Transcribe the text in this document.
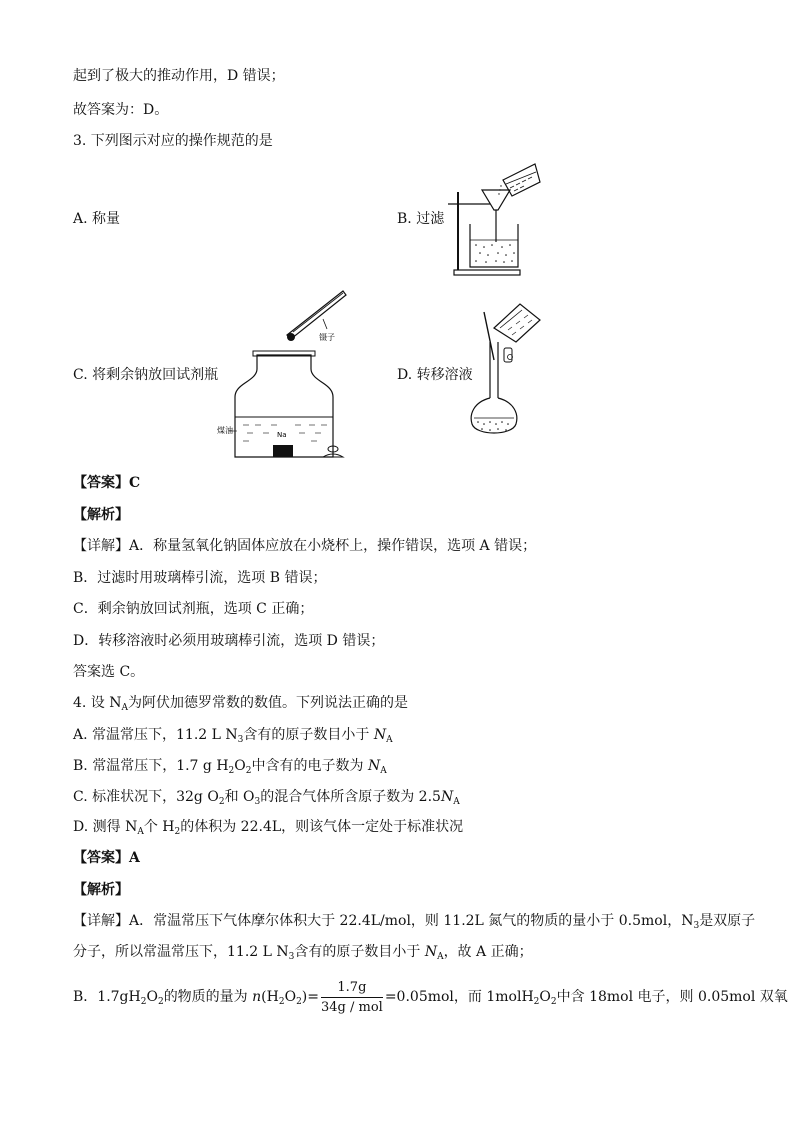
起到了极大的推动作用，D 错误；
故答案为：D。
3. 下列图示对应的操作规范的是
A. 称量	B. 过滤
C. 将剩余钠放回试剂瓶	D. 转移溶液
镊子
煤油	Na
【答案】C
【解析】
【详解】A．称量氢氧化钠固体应放在小烧杯上，操作错误，选项 A 错误；
B．过滤时用玻璃棒引流，选项 B 错误；
C．剩余钠放回试剂瓶，选项 C 正确；
D．转移溶液时必须用玻璃棒引流，选项 D 错误；
答案选 C。
4. 设 $N_A$为阿伏加德罗常数的数值。下列说法正确的是
A. 常温常压下，11.2 L $N_3$含有的原子数目小于 $N_A$
B. 常温常压下，1.7 g $H_2O_2$中含有的电子数为 $N_A$
C. 标准状况下，32g $O_2$和 $O_3$的混合气体所含原子数为 $2.5N_A$
D. 测得 $N_A$个 $H_2$的体积为 22.4L，则该气体一定处于标准状况
【答案】A
【解析】
【详解】A．常温常压下气体摩尔体积大于 22.4L/mol，则 11.2L 氮气的物质的量小于 0.5mol，$N_3$是双原子
分子，所以常温常压下，11.2 L $N_3$含有的原子数目小于 $N_A$，故 A 正确；
B．$1.7gH_2O_2$的物质的量为 $n(H_2O_2)= \frac{1.7g}{\text{34g / mol}} =0.05mol$，而 $1molH_2O_2$中含 18mol 电子，则 0.05mol 双氧
